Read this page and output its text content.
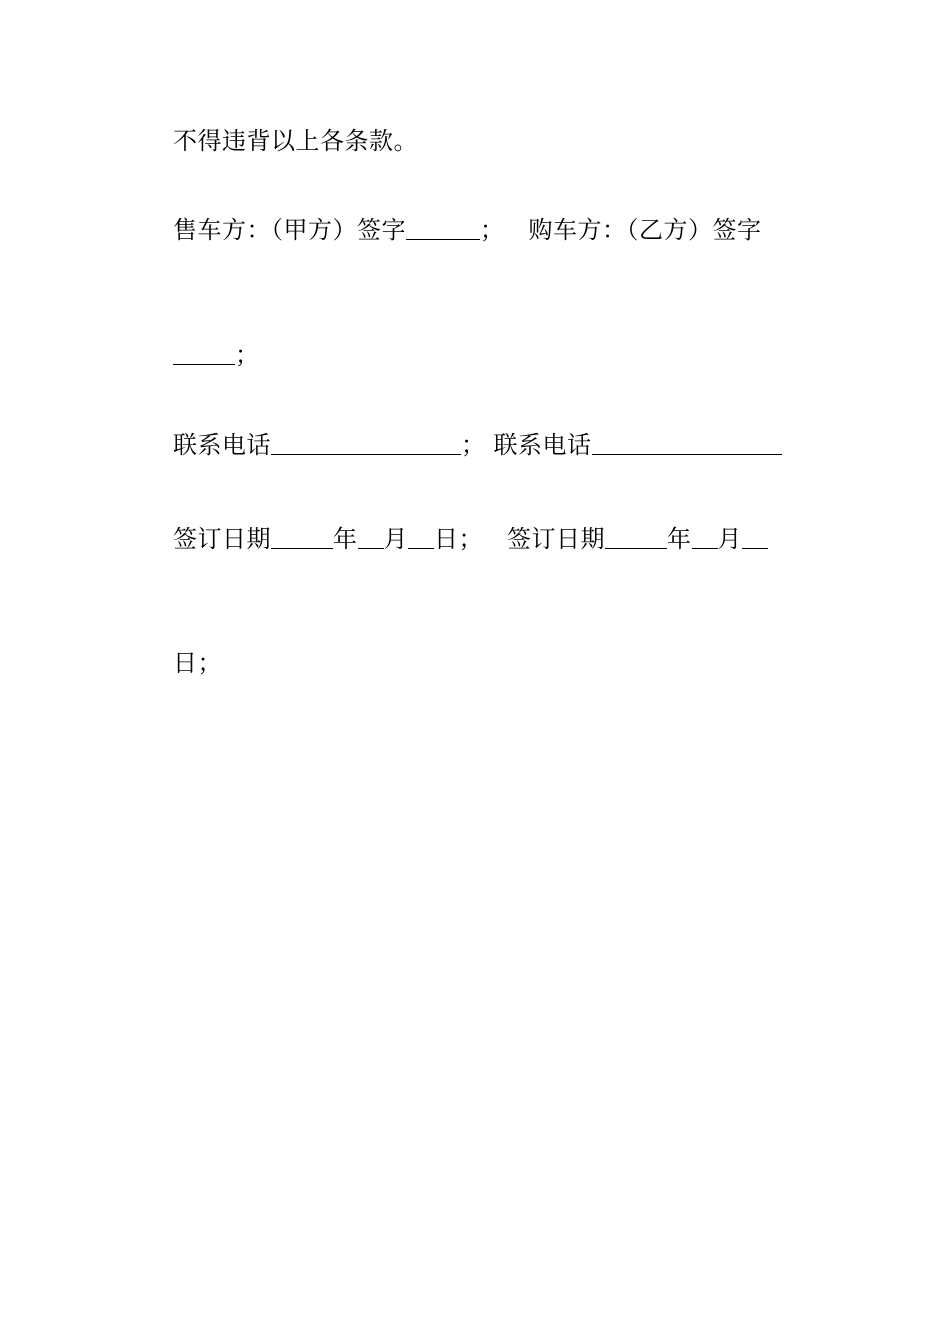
不得违背以上各条款。
售车方：（甲方）签字	； 购车方：（乙方）签字
；
联系电话	； 联系电话
签订日期	年 月 日； 签订日期	年 月
日；
